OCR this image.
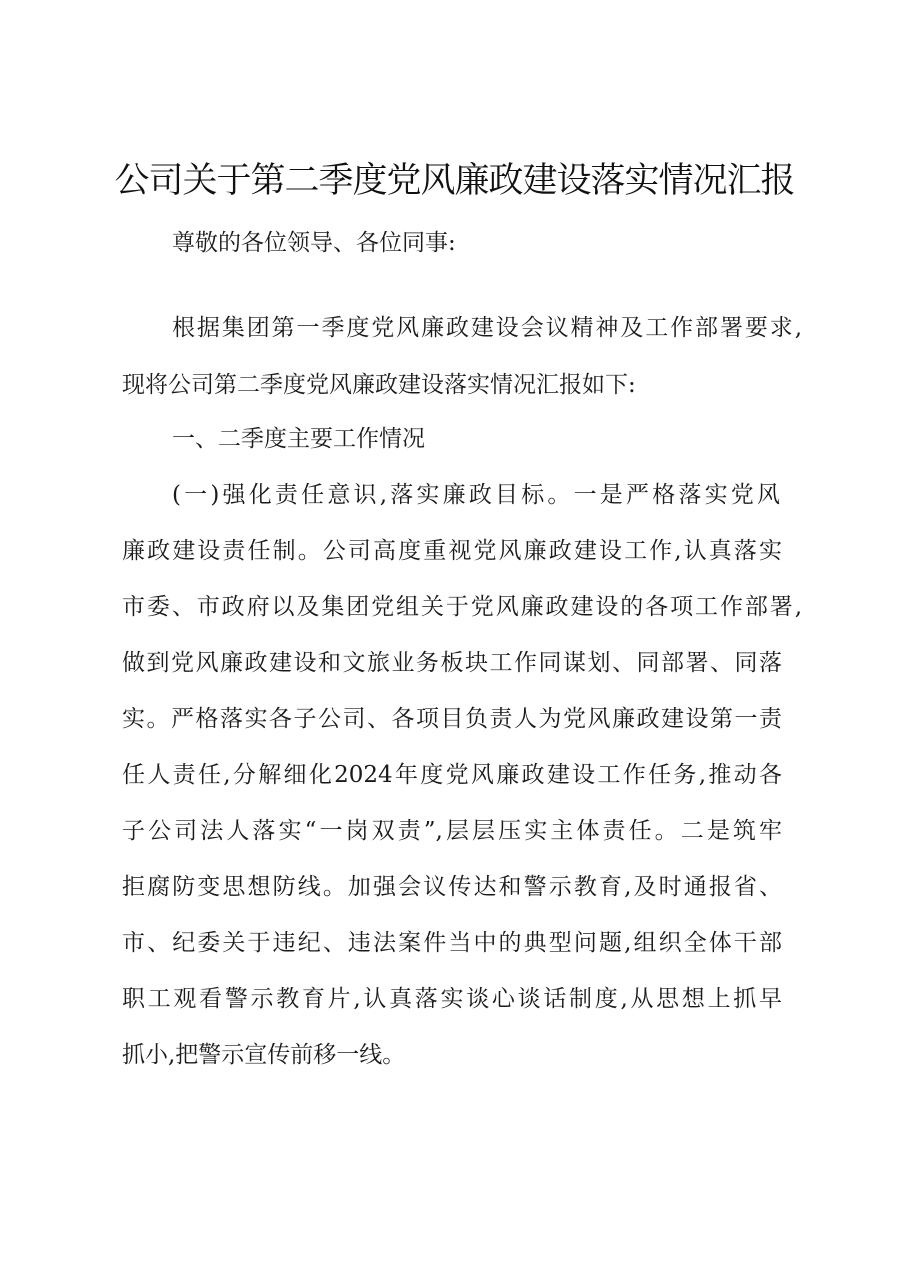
公司关于第二季度党风廉政建设落实情况汇报
尊敬的各位领导、各位同事:
根据集团第一季度党风廉政建设会议精神及工作部署要求,
现将公司第二季度党风廉政建设落实情况汇报如下:
一、二季度主要工作情况
(一)强化责任意识,落实廉政目标。一是严格落实党风
廉政建设责任制。公司高度重视党风廉政建设工作,认真落实
市委、市政府以及集团党组关于党风廉政建设的各项工作部署,
做到党风廉政建设和文旅业务板块工作同谋划、同部署、同落
实。严格落实各子公司、各项目负责人为党风廉政建设第一责
任人责任,分解细化2024年度党风廉政建设工作任务,推动各
子公司法人落实“一岗双责”,层层压实主体责任。二是筑牢
拒腐防变思想防线。加强会议传达和警示教育,及时通报省、
市、纪委关于违纪、违法案件当中的典型问题,组织全体干部
职工观看警示教育片,认真落实谈心谈话制度,从思想上抓早
抓小,把警示宣传前移一线。
